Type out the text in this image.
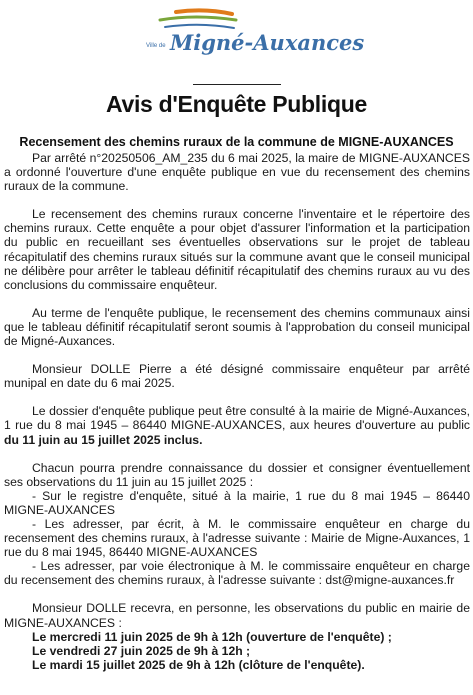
Ville de Migné-Auxances
Avis d'Enquête Publique
Recensement des chemins ruraux de la commune de MIGNE-AUXANCES

Par arrêté n°20250506_AM_235 du 6 mai 2025, la maire de MIGNE-AUXANCES a ordonné l'ouverture d'une enquête publique en vue du recensement des chemins ruraux de la commune.

Le recensement des chemins ruraux concerne l'inventaire et le répertoire des chemins ruraux. Cette enquête a pour objet d'assurer l'information et la participation du public en recueillant ses éventuelles observations sur le projet de tableau récapitulatif des chemins ruraux situés sur la commune avant que le conseil municipal ne délibère pour arrêter le tableau définitif récapitulatif des chemins ruraux au vu des conclusions du commissaire enquêteur.

Au terme de l'enquête publique, le recensement des chemins communaux ainsi que le tableau définitif récapitulatif seront soumis à l'approbation du conseil municipal de Migné-Auxances.

Monsieur DOLLE Pierre a été désigné commissaire enquêteur par arrêté munipal en date du 6 mai 2025.

Le dossier d'enquête publique peut être consulté à la mairie de Migné-Auxances, 1 rue du 8 mai 1945 – 86440 MIGNE-AUXANCES, aux heures d'ouverture au public du 11 juin au 15 juillet 2025 inclus.

Chacun pourra prendre connaissance du dossier et consigner éventuellement ses observations du 11 juin au 15 juillet 2025 :

- Sur le registre d'enquête, situé à la mairie, 1 rue du 8 mai 1945 – 86440 MIGNE-AUXANCES
- Les adresser, par écrit, à M. le commissaire enquêteur en charge du recensement des chemins ruraux, à l'adresse suivante : Mairie de Migne-Auxances, 1 rue du 8 mai 1945, 86440 MIGNE-AUXANCES
- Les adresser, par voie électronique à M. le commissaire enquêteur en charge du recensement des chemins ruraux, à l'adresse suivante : dst@migne-auxances.fr

Monsieur DOLLE recevra, en personne, les observations du public en mairie de MIGNE-AUXANCES :

Le mercredi 11 juin 2025 de 9h à 12h (ouverture de l'enquête) ;
Le vendredi 27 juin 2025 de 9h à 12h ;
Le mardi 15 juillet 2025 de 9h à 12h (clôture de l'enquête).
